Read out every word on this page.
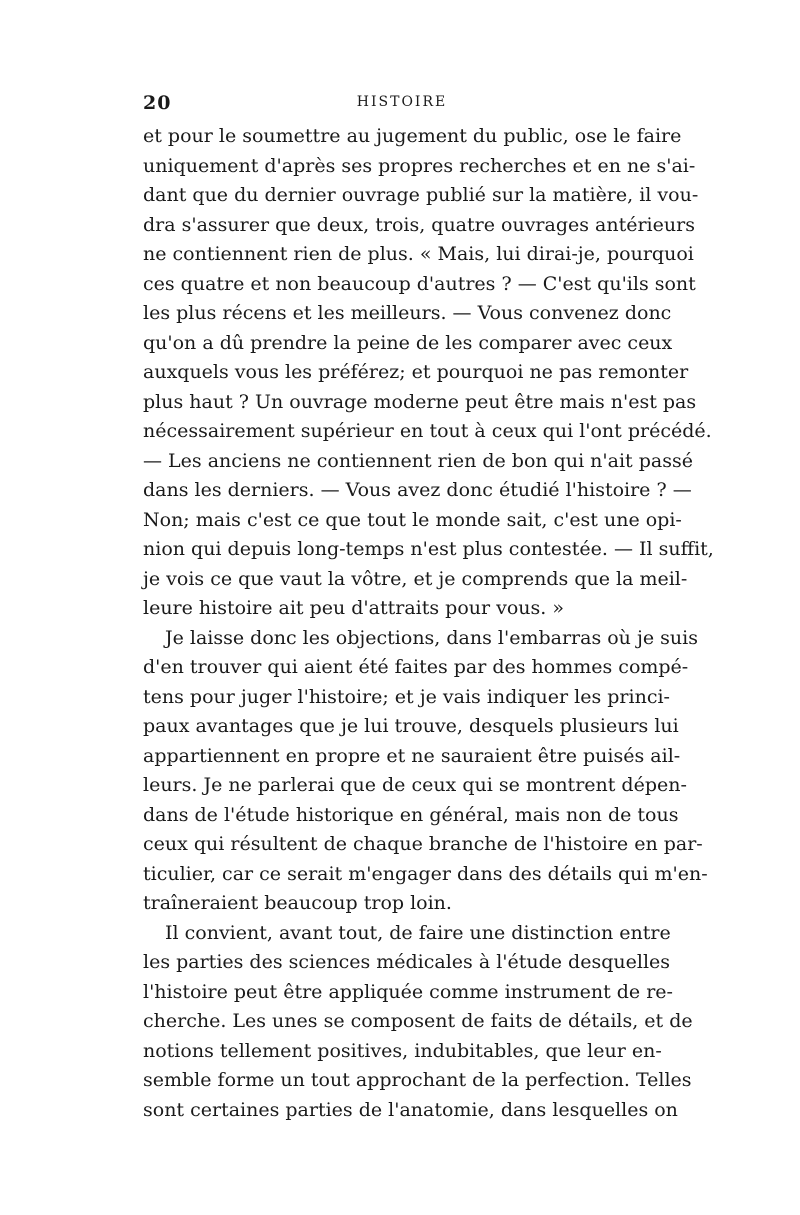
20	HISTOIRE
et pour le soumettre au jugement du public, ose le faire
uniquement d'après ses propres recherches et en ne s'ai-
dant que du dernier ouvrage publié sur la matière, il vou-
dra s'assurer que deux, trois, quatre ouvrages antérieurs
ne contiennent rien de plus. « Mais, lui dirai-je, pourquoi
ces quatre et non beaucoup d'autres ? — C'est qu'ils sont
les plus récens et les meilleurs. — Vous convenez donc
qu'on a dû prendre la peine de les comparer avec ceux
auxquels vous les préférez; et pourquoi ne pas remonter
plus haut ? Un ouvrage moderne peut être mais n'est pas
nécessairement supérieur en tout à ceux qui l'ont précédé.
— Les anciens ne contiennent rien de bon qui n'ait passé
dans les derniers. — Vous avez donc étudié l'histoire ? —
Non; mais c'est ce que tout le monde sait, c'est une opi-
nion qui depuis long-temps n'est plus contestée. — Il suffit,
je vois ce que vaut la vôtre, et je comprends que la meil-
leure histoire ait peu d'attraits pour vous. »
Je laisse donc les objections, dans l'embarras où je suis
d'en trouver qui aient été faites par des hommes compé-
tens pour juger l'histoire; et je vais indiquer les princi-
paux avantages que je lui trouve, desquels plusieurs lui
appartiennent en propre et ne sauraient être puisés ail-
leurs. Je ne parlerai que de ceux qui se montrent dépen-
dans de l'étude historique en général, mais non de tous
ceux qui résultent de chaque branche de l'histoire en par-
ticulier, car ce serait m'engager dans des détails qui m'en-
traîneraient beaucoup trop loin.
Il convient, avant tout, de faire une distinction entre
les parties des sciences médicales à l'étude desquelles
l'histoire peut être appliquée comme instrument de re-
cherche. Les unes se composent de faits de détails, et de
notions tellement positives, indubitables, que leur en-
semble forme un tout approchant de la perfection. Telles
sont certaines parties de l'anatomie, dans lesquelles on
